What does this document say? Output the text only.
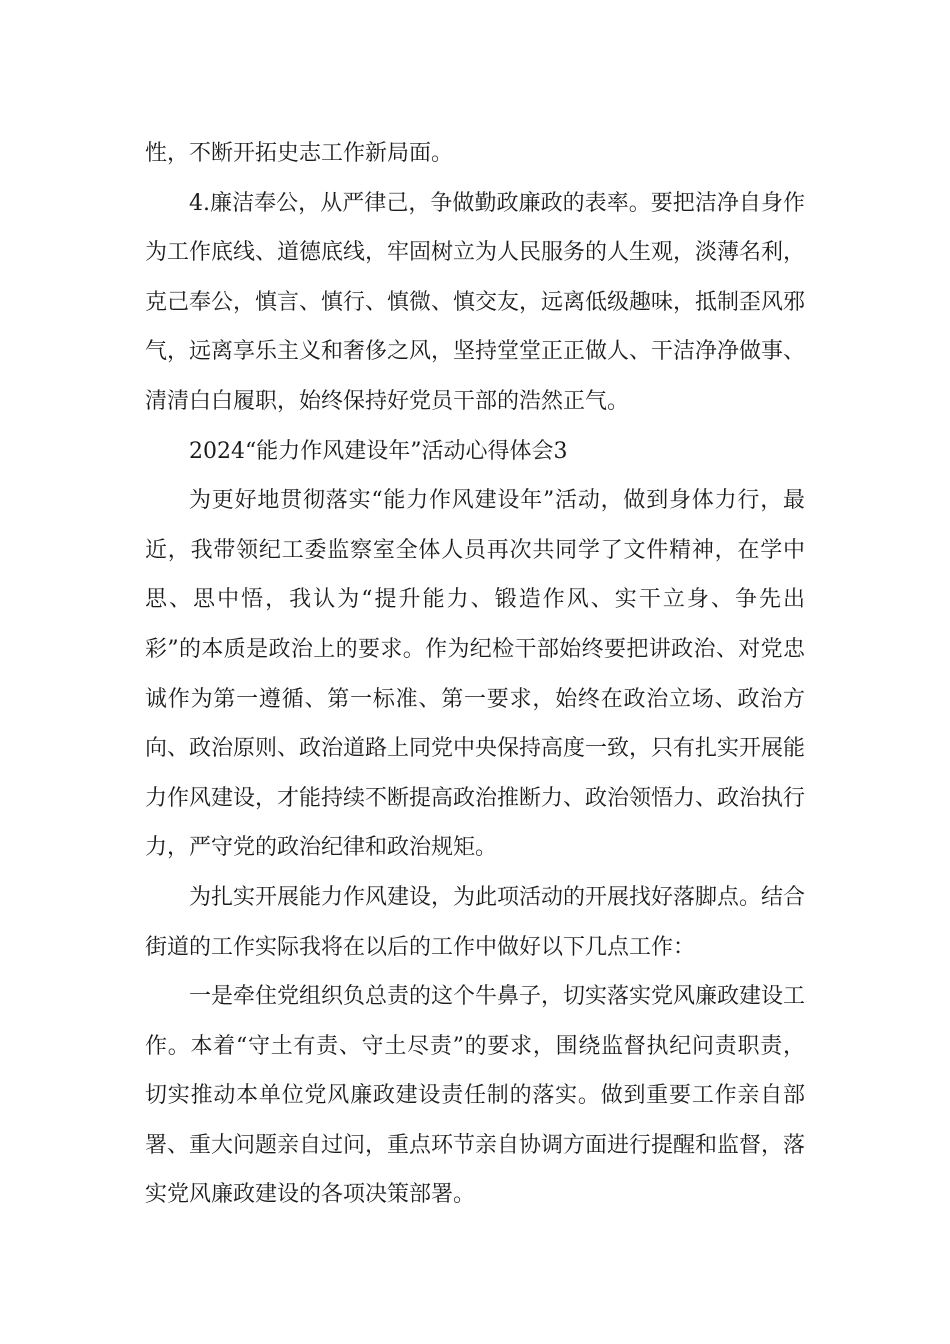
性，不断开拓史志工作新局面。

4.廉洁奉公，从严律己，争做勤政廉政的表率。要把洁净自身作为工作底线、道德底线，牢固树立为人民服务的人生观，淡薄名利，克己奉公，慎言、慎行、慎微、慎交友，远离低级趣味，抵制歪风邪气，远离享乐主义和奢侈之风，坚持堂堂正正做人、干洁净净做事、清清白白履职，始终保持好党员干部的浩然正气。

2024“能力作风建设年”活动心得体会3

为更好地贯彻落实“能力作风建设年”活动，做到身体力行，最近，我带领纪工委监察室全体人员再次共同学了文件精神，在学中思、思中悟，我认为“提升能力、锻造作风、实干立身、争先出彩”的本质是政治上的要求。作为纪检干部始终要把讲政治、对党忠诚作为第一遵循、第一标准、第一要求，始终在政治立场、政治方向、政治原则、政治道路上同党中央保持高度一致，只有扎实开展能力作风建设，才能持续不断提高政治推断力、政治领悟力、政治执行力，严守党的政治纪律和政治规矩。

为扎实开展能力作风建设，为此项活动的开展找好落脚点。结合街道的工作实际我将在以后的工作中做好以下几点工作：

一是牵住党组织负总责的这个牛鼻子，切实落实党风廉政建设工作。本着“守土有责、守土尽责”的要求，围绕监督执纪问责职责，切实推动本单位党风廉政建设责任制的落实。做到重要工作亲自部署、重大问题亲自过问，重点环节亲自协调方面进行提醒和监督，落实党风廉政建设的各项决策部署。
